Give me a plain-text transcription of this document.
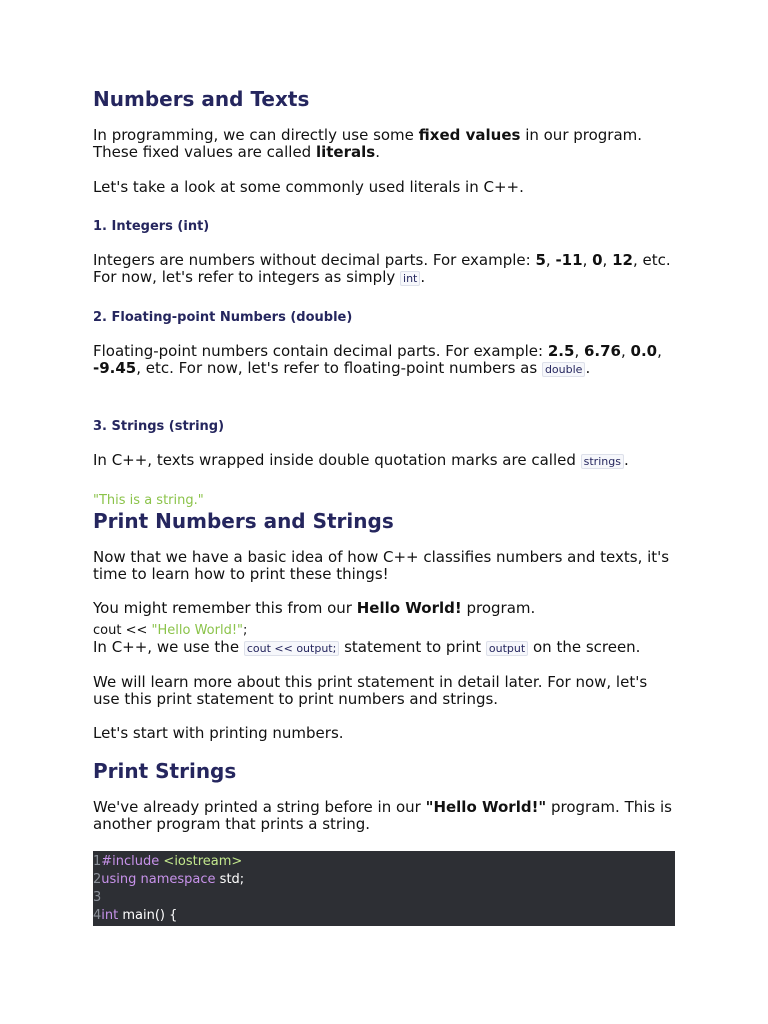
Numbers and Texts

In programming, we can directly use some fixed values in our program. These fixed values are called literals.

Let's take a look at some commonly used literals in C++.

1. Integers (int)

Integers are numbers without decimal parts. For example: 5, -11, 0, 12, etc. For now, let's refer to integers as simply int .

2. Floating-point Numbers (double)

Floating-point numbers contain decimal parts. For example: 2.5, 6.76, 0.0, -9.45, etc. For now, let's refer to floating-point numbers as double .

3. Strings (string)

In C++, texts wrapped inside double quotation marks are called strings .

"This is a string."
Print Numbers and Strings

Now that we have a basic idea of how C++ classifies numbers and texts, it's time to learn how to print these things!

You might remember this from our Hello World! program.

cout << "Hello World!";

In C++, we use the cout << output; statement to print output on the screen.

We will learn more about this print statement in detail later. For now, let's use this print statement to print numbers and strings.

Let's start with printing numbers.

Print Strings

We've already printed a string before in our "Hello World!" program. This is another program that prints a string.

1#include <iostream>
2using namespace std;
3
4int main() {
